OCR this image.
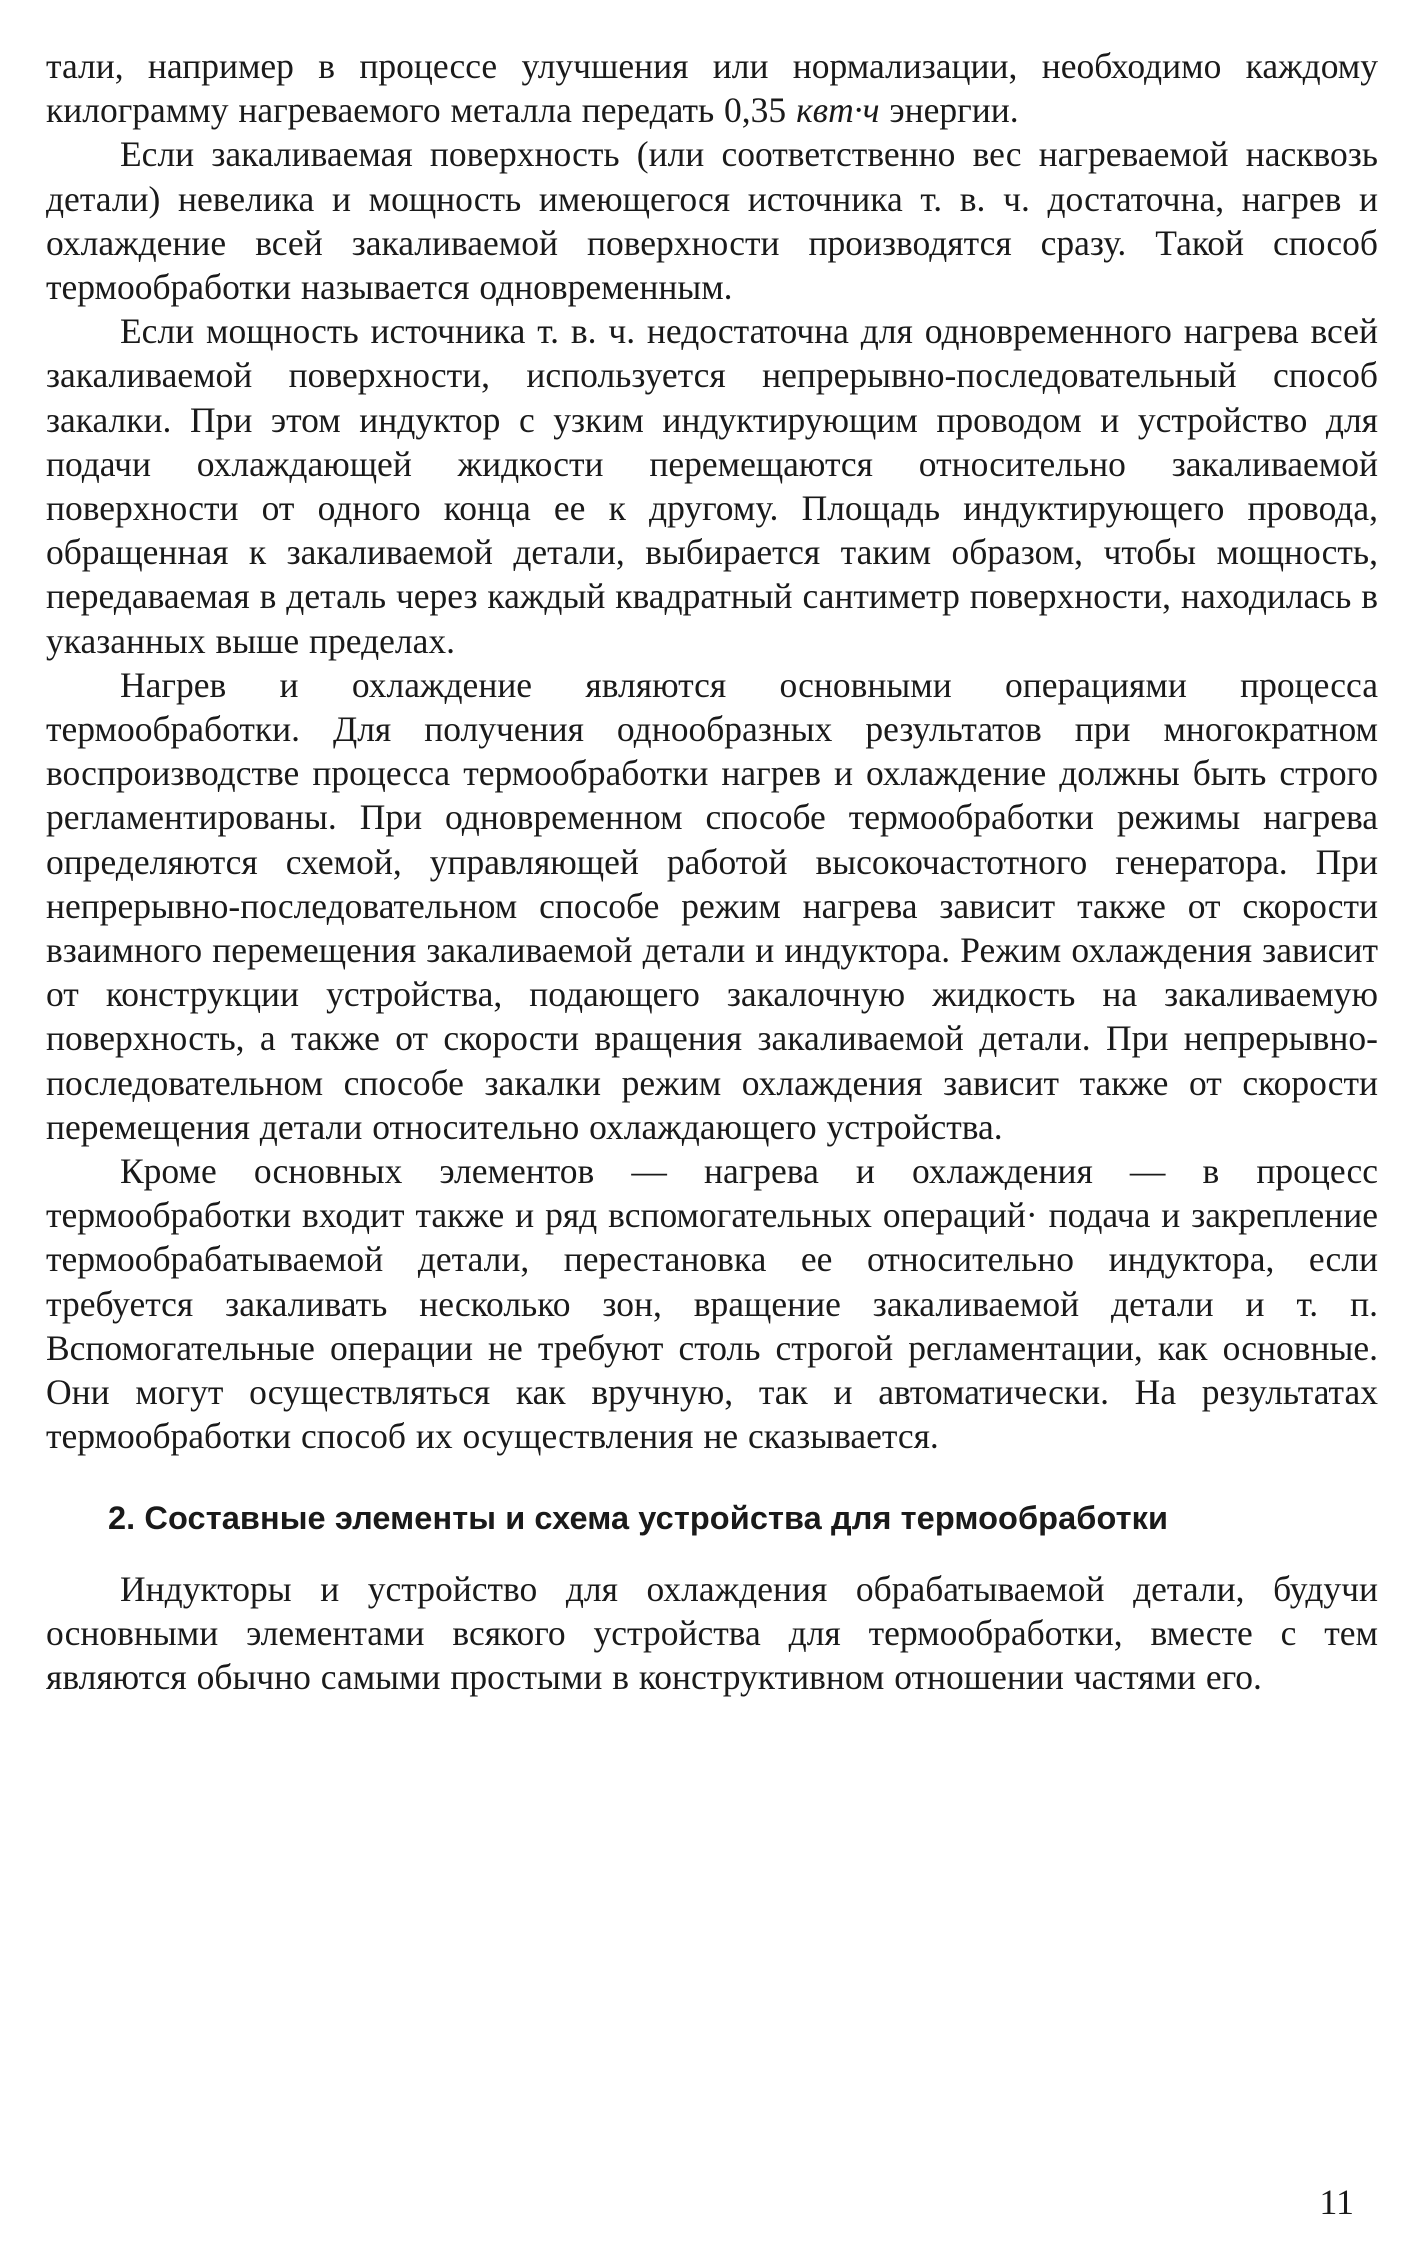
тали, например в процессе улучшения или нормализации, необходимо каждому килограмму нагреваемого металла передать 0,35 квт·ч энергии.

Если закаливаемая поверхность (или соответственно вес нагреваемой насквозь детали) невелика и мощность имеющегося источника т. в. ч. достаточна, нагрев и охлаждение всей закаливаемой поверхности производятся сразу. Такой способ термообработки называется одновременным.

Если мощность источника т. в. ч. недостаточна для одновременного нагрева всей закаливаемой поверхности, используется непрерывно-последовательный способ закалки. При этом индуктор с узким индуктирующим проводом и устройство для подачи охлаждающей жидкости перемещаются относительно закаливаемой поверхности от одного конца ее к другому. Площадь индуктирующего провода, обращенная к закаливаемой детали, выбирается таким образом, чтобы мощность, передаваемая в деталь через каждый квадратный сантиметр поверхности, находилась в указанных выше пределах.

Нагрев и охлаждение являются основными операциями процесса термообработки. Для получения однообразных результатов при многократном воспроизводстве процесса термообработки нагрев и охлаждение должны быть строго регламентированы. При одновременном способе термообработки режимы нагрева определяются схемой, управляющей работой высокочастотного генератора. При непрерывно-последовательном способе режим нагрева зависит также от скорости взаимного перемещения закаливаемой детали и индуктора. Режим охлаждения зависит от конструкции устройства, подающего закалочную жидкость на закаливаемую поверхность, а также от скорости вращения закаливаемой детали. При непрерывно-последовательном способе закалки режим охлаждения зависит также от скорости перемещения детали относительно охлаждающего устройства.

Кроме основных элементов — нагрева и охлаждения — в процесс термообработки входит также и ряд вспомогательных операций· подача и закрепление термообрабатываемой детали, перестановка ее относительно индуктора, если требуется закаливать несколько зон, вращение закаливаемой детали и т. п. Вспомогательные операции не требуют столь строгой регламентации, как основные. Они могут осуществляться как вручную, так и автоматически. На результатах термообработки способ их осуществления не сказывается.

2. Составные элементы и схема устройства для термообработки

Индукторы и устройство для охлаждения обрабатываемой детали, будучи основными элементами всякого устройства для термообработки, вместе с тем являются обычно самыми простыми в конструктивном отношении частями его.

11
